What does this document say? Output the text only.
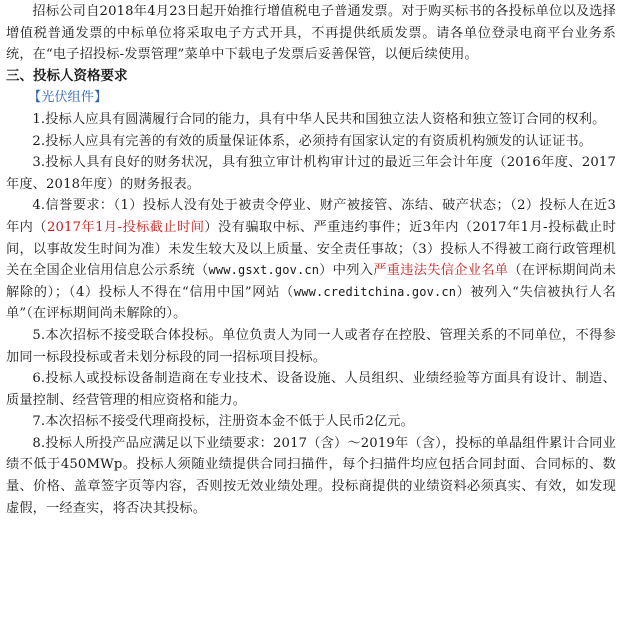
招标公司自2018年4月23日起开始推行增值税电子普通发票。对于购买标书的各投标单位以及选择增值税普通发票的中标单位将采取电子方式开具，不再提供纸质发票。请各单位登录电商平台业务系统，在“电子招投标-发票管理”菜单中下载电子发票后妥善保管，以便后续使用。

三、投标人资格要求

【光伏组件】

1.投标人应具有圆满履行合同的能力，具有中华人民共和国独立法人资格和独立签订合同的权利。

2.投标人应具有完善的有效的质量保证体系，必须持有国家认定的有资质机构颁发的认证证书。

3.投标人具有良好的财务状况，具有独立审计机构审计过的最近三年会计年度（2016年度、2017年度、2018年度）的财务报表。

4.信誉要求：（1）投标人没有处于被责令停业、财产被接管、冻结、破产状态；（2）投标人在近3年内（2017年1月-投标截止时间）没有骗取中标、严重违约事件；近3年内（2017年1月-投标截止时间，以事故发生时间为准）未发生较大及以上质量、安全责任事故；（3）投标人不得被工商行政管理机关在全国企业信用信息公示系统（www.gsxt.gov.cn）中列入严重违法失信企业名单（在评标期间尚未解除的）；（4）投标人不得在“信用中国”网站（www.creditchina.gov.cn）被列入“失信被执行人名单”（在评标期间尚未解除的）。

5.本次招标不接受联合体投标。单位负责人为同一人或者存在控股、管理关系的不同单位，不得参加同一标段投标或者未划分标段的同一招标项目投标。

6.投标人或投标设备制造商在专业技术、设备设施、人员组织、业绩经验等方面具有设计、制造、质量控制、经营管理的相应资格和能力。

7.本次招标不接受代理商投标，注册资本金不低于人民币2亿元。

8.投标人所投产品应满足以下业绩要求：2017（含）～2019年（含），投标的单晶组件累计合同业绩不低于450MWp。投标人须随业绩提供合同扫描件，每个扫描件均应包括合同封面、合同标的、数量、价格、盖章签字页等内容，否则按无效业绩处理。投标商提供的业绩资料必须真实、有效，如发现虚假，一经查实，将否决其投标。
